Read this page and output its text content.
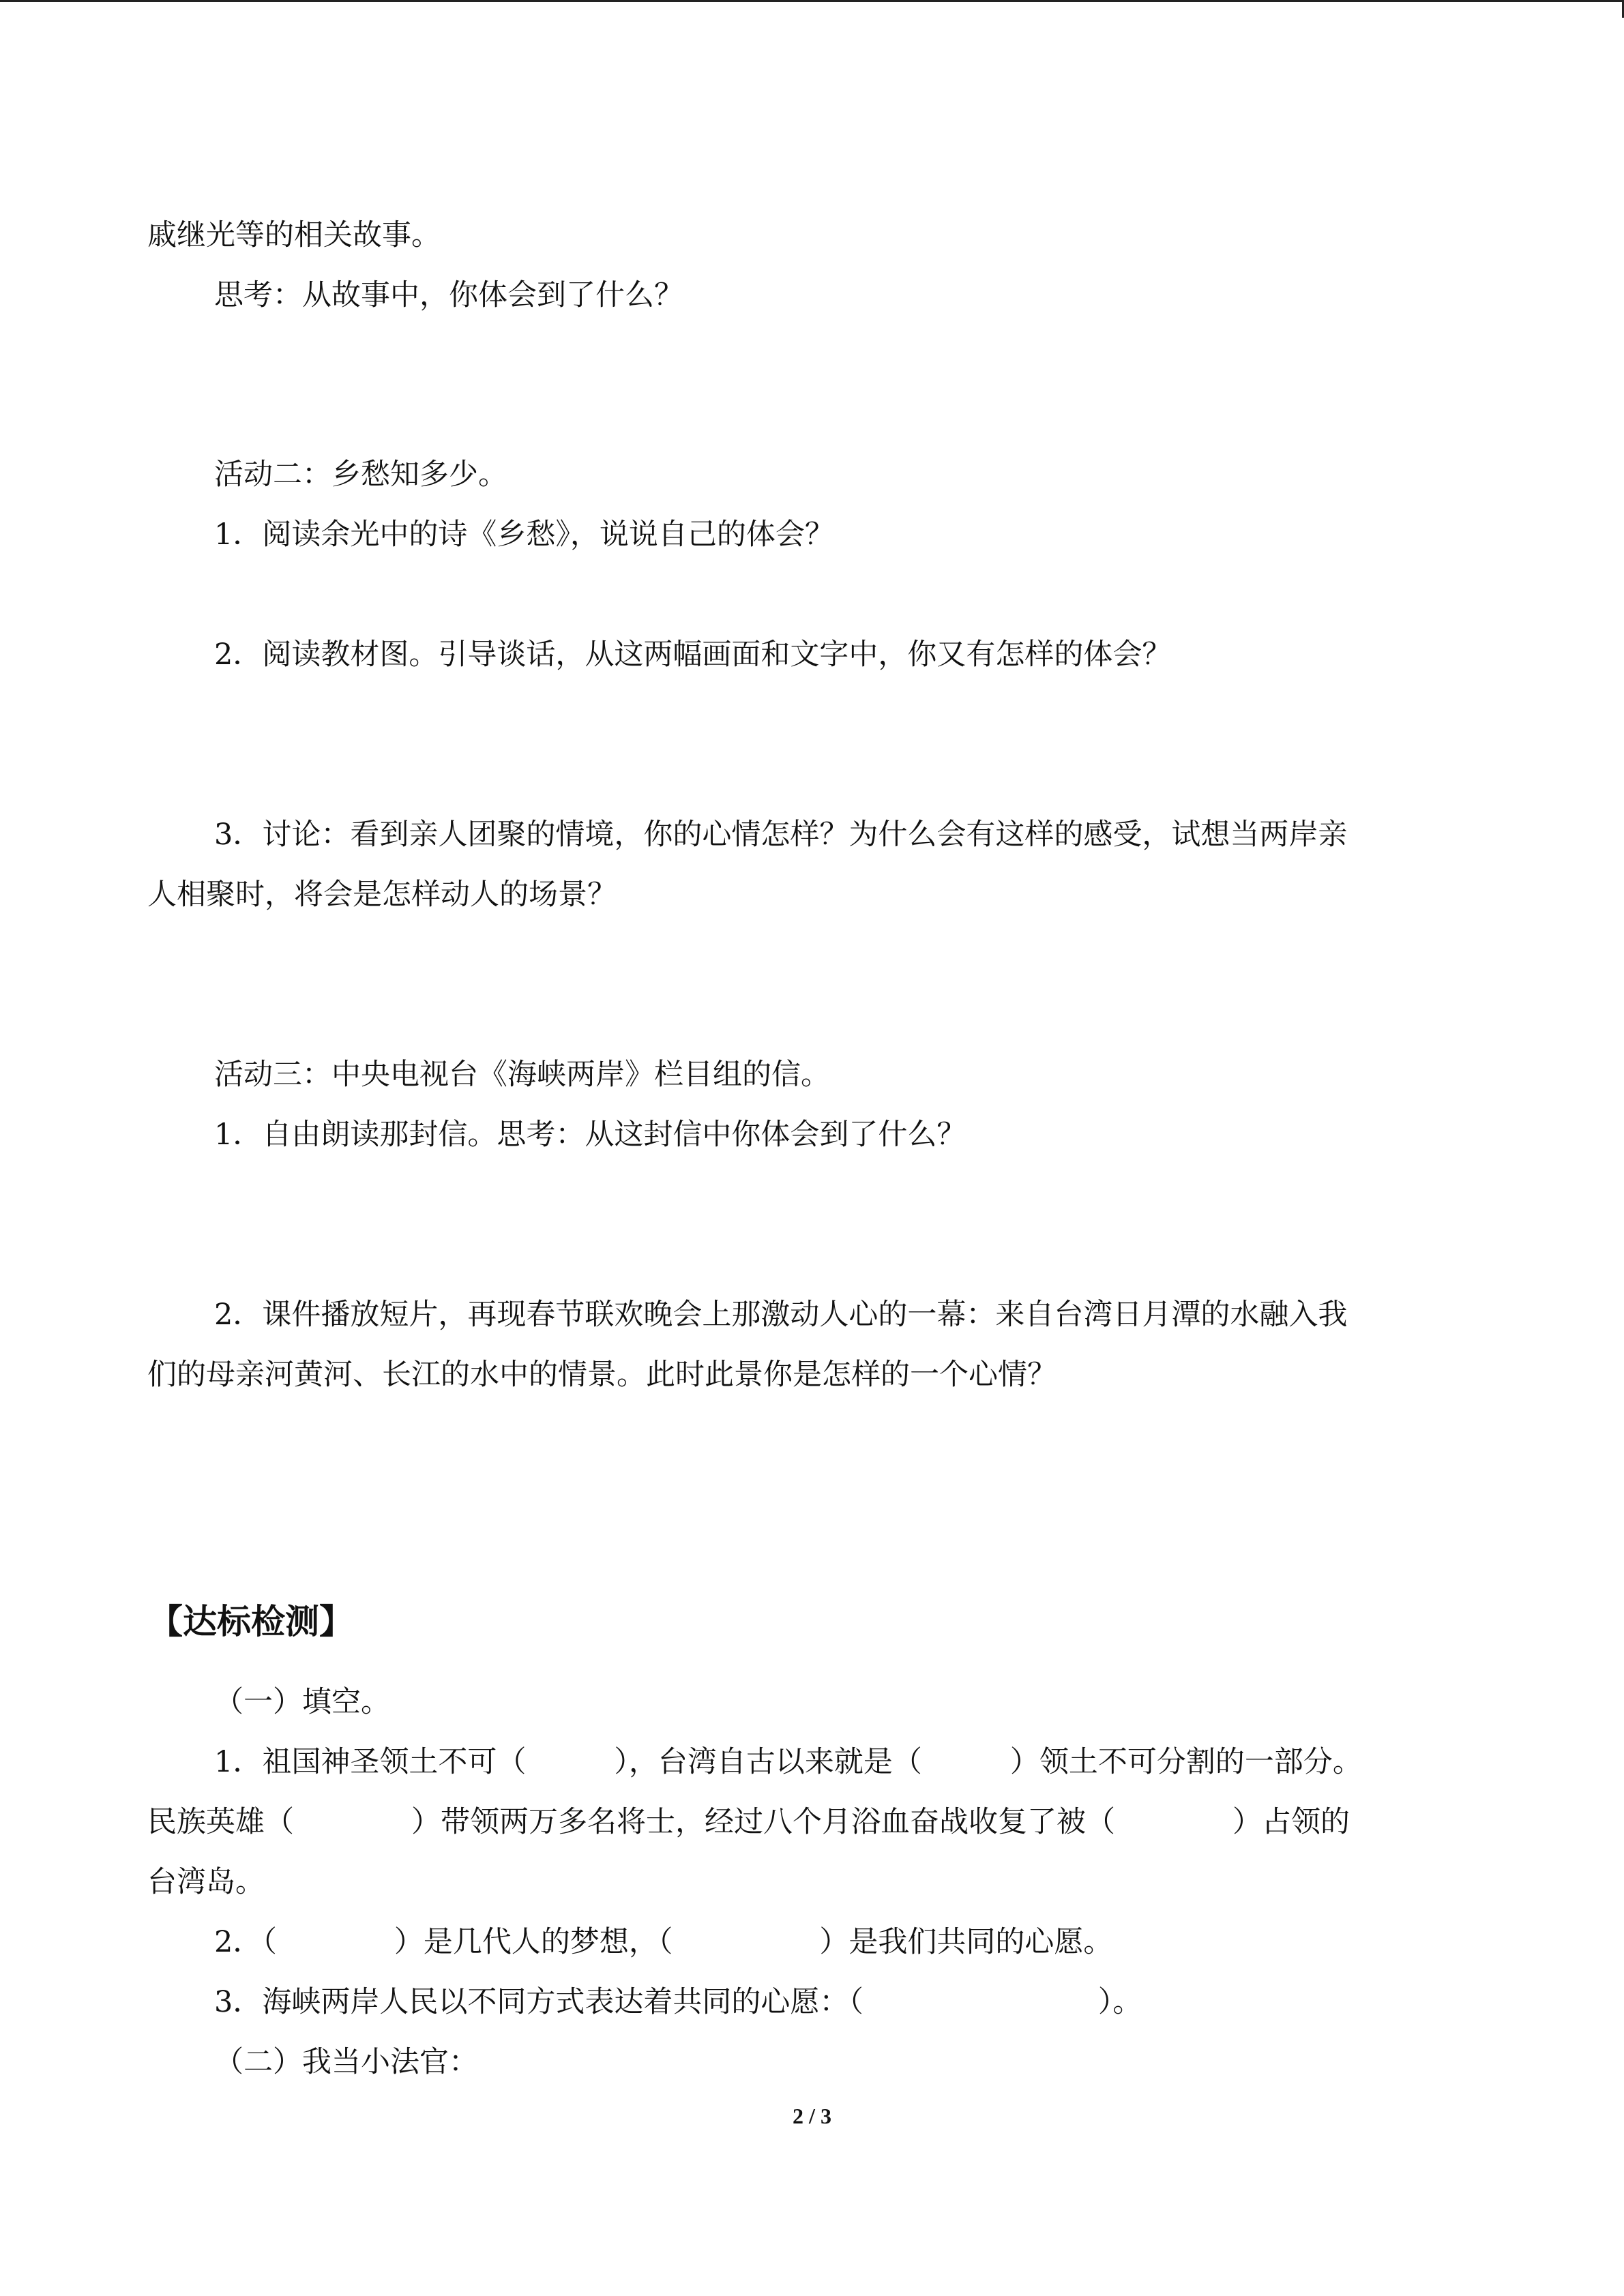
戚继光等的相关故事。
思考：从故事中，你体会到了什么？
活动二：乡愁知多少。
1．阅读余光中的诗《乡愁》，说说自己的体会？
2．阅读教材图。引导谈话，从这两幅画面和文字中，你又有怎样的体会？
3．讨论：看到亲人团聚的情境，你的心情怎样？为什么会有这样的感受，试想当两岸亲
人相聚时，将会是怎样动人的场景？
活动三：中央电视台《海峡两岸》栏目组的信。
1．自由朗读那封信。思考：从这封信中你体会到了什么？
2．课件播放短片，再现春节联欢晚会上那激动人心的一幕：来自台湾日月潭的水融入我
们的母亲河黄河、长江的水中的情景。此时此景你是怎样的一个心情？
【达标检测】
（一）填空。
1．祖国神圣领土不可（　　　），台湾自古以来就是（　　　）领土不可分割的一部分。
民族英雄（　　　　）带领两万多名将士，经过八个月浴血奋战收复了被（　　　　）占领的
台湾岛。
2．（　　　　）是几代人的梦想，（　　　　　）是我们共同的心愿。
3．海峡两岸人民以不同方式表达着共同的心愿：（　　　　　　　　）。
（二）我当小法官：
2 / 3
